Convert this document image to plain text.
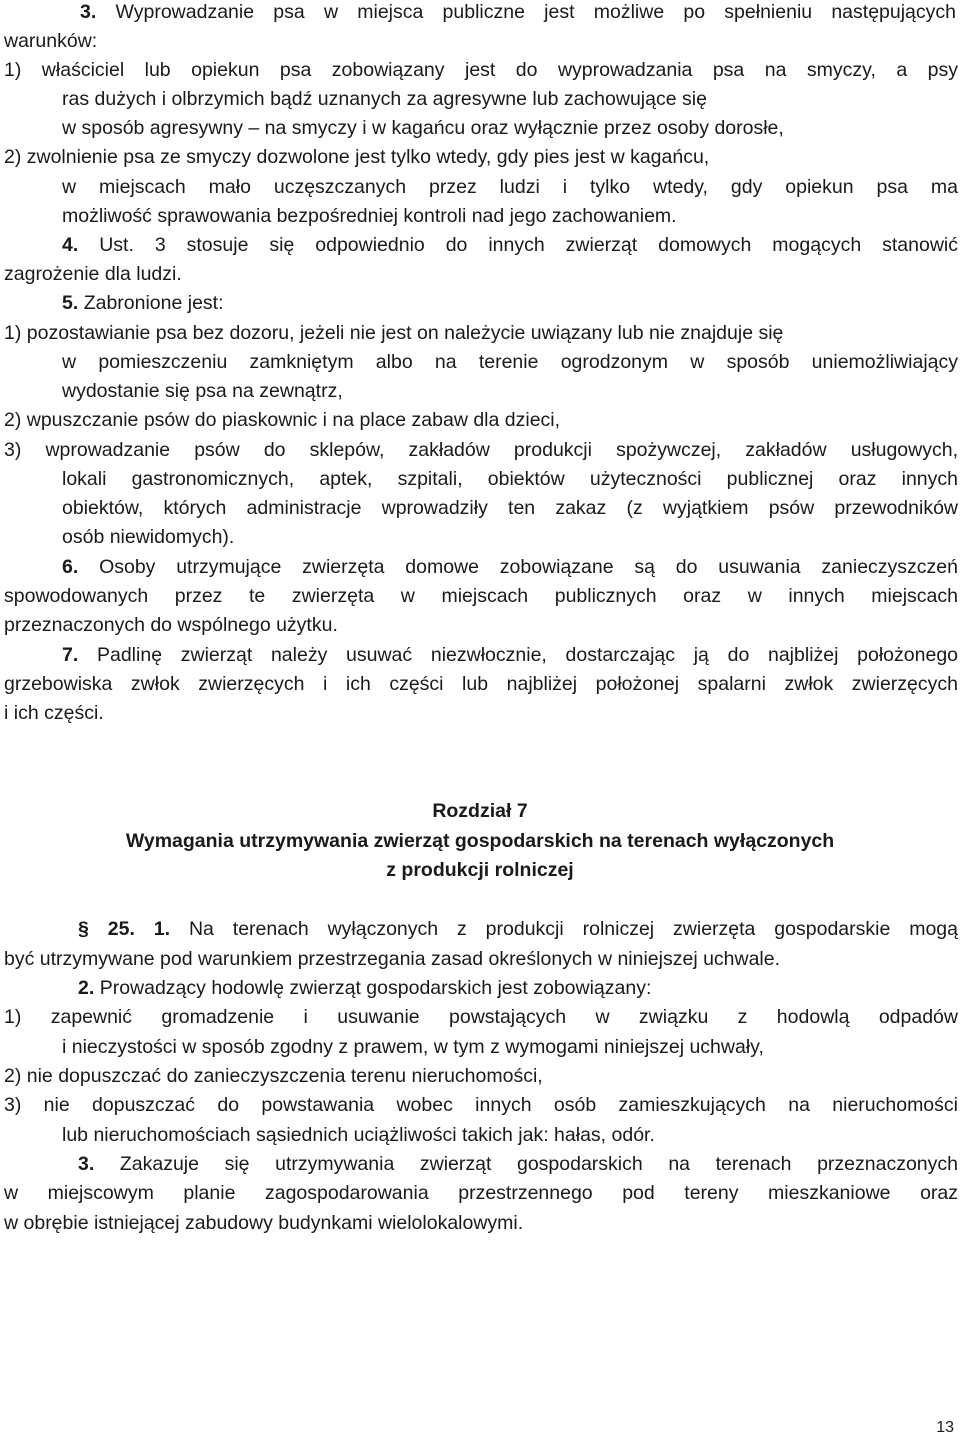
3. Wyprowadzanie psa w miejsca publiczne jest możliwe po spełnieniu następujących
warunków:
1) właściciel lub opiekun psa zobowiązany jest do wyprowadzania psa na smyczy, a psy
ras dużych i olbrzymich bądź uznanych za agresywne lub zachowujące się
w sposób agresywny ‒ na smyczy i w kagańcu oraz wyłącznie przez osoby dorosłe,
2) zwolnienie psa ze smyczy dozwolone jest tylko wtedy, gdy pies jest w kagańcu,
w miejscach mało uczęszczanych przez ludzi i tylko wtedy, gdy opiekun psa ma
możliwość sprawowania bezpośredniej kontroli nad jego zachowaniem.
4. Ust. 3 stosuje się odpowiednio do innych zwierząt domowych mogących stanowić
zagrożenie dla ludzi.
5. Zabronione jest:
1) pozostawianie psa bez dozoru, jeżeli nie jest on należycie uwiązany lub nie znajduje się
w pomieszczeniu zamkniętym albo na terenie ogrodzonym w sposób uniemożliwiający
wydostanie się psa na zewnątrz,
2) wpuszczanie psów do piaskownic i na place zabaw dla dzieci,
3) wprowadzanie psów do sklepów, zakładów produkcji spożywczej, zakładów usługowych,
lokali gastronomicznych, aptek, szpitali, obiektów użyteczności publicznej oraz innych
obiektów, których administracje wprowadziły ten zakaz (z wyjątkiem psów przewodników
osób niewidomych).
6. Osoby utrzymujące zwierzęta domowe zobowiązane są do usuwania zanieczyszczeń
spowodowanych przez te zwierzęta w miejscach publicznych oraz w innych miejscach
przeznaczonych do wspólnego użytku.
7. Padlinę zwierząt należy usuwać niezwłocznie, dostarczając ją do najbliżej położonego
grzebowiska zwłok zwierzęcych i ich części lub najbliżej położonej spalarni zwłok zwierzęcych
i ich części.
Rozdział 7
Wymagania utrzymywania zwierząt gospodarskich na terenach wyłączonych
z produkcji rolniczej
§ 25. 1. Na terenach wyłączonych z produkcji rolniczej zwierzęta gospodarskie mogą
być utrzymywane pod warunkiem przestrzegania zasad określonych w niniejszej uchwale.
2. Prowadzący hodowlę zwierząt gospodarskich jest zobowiązany:
1) zapewnić gromadzenie i usuwanie powstających w związku z hodowlą odpadów
i nieczystości w sposób zgodny z prawem, w tym z wymogami niniejszej uchwały,
2) nie dopuszczać do zanieczyszczenia terenu nieruchomości,
3) nie dopuszczać do powstawania wobec innych osób zamieszkujących na nieruchomości
lub nieruchomościach sąsiednich uciążliwości takich jak: hałas, odór.
3. Zakazuje się utrzymywania zwierząt gospodarskich na terenach przeznaczonych
w miejscowym planie zagospodarowania przestrzennego pod tereny mieszkaniowe oraz
w obrębie istniejącej zabudowy budynkami wielolokalowymi.
13
